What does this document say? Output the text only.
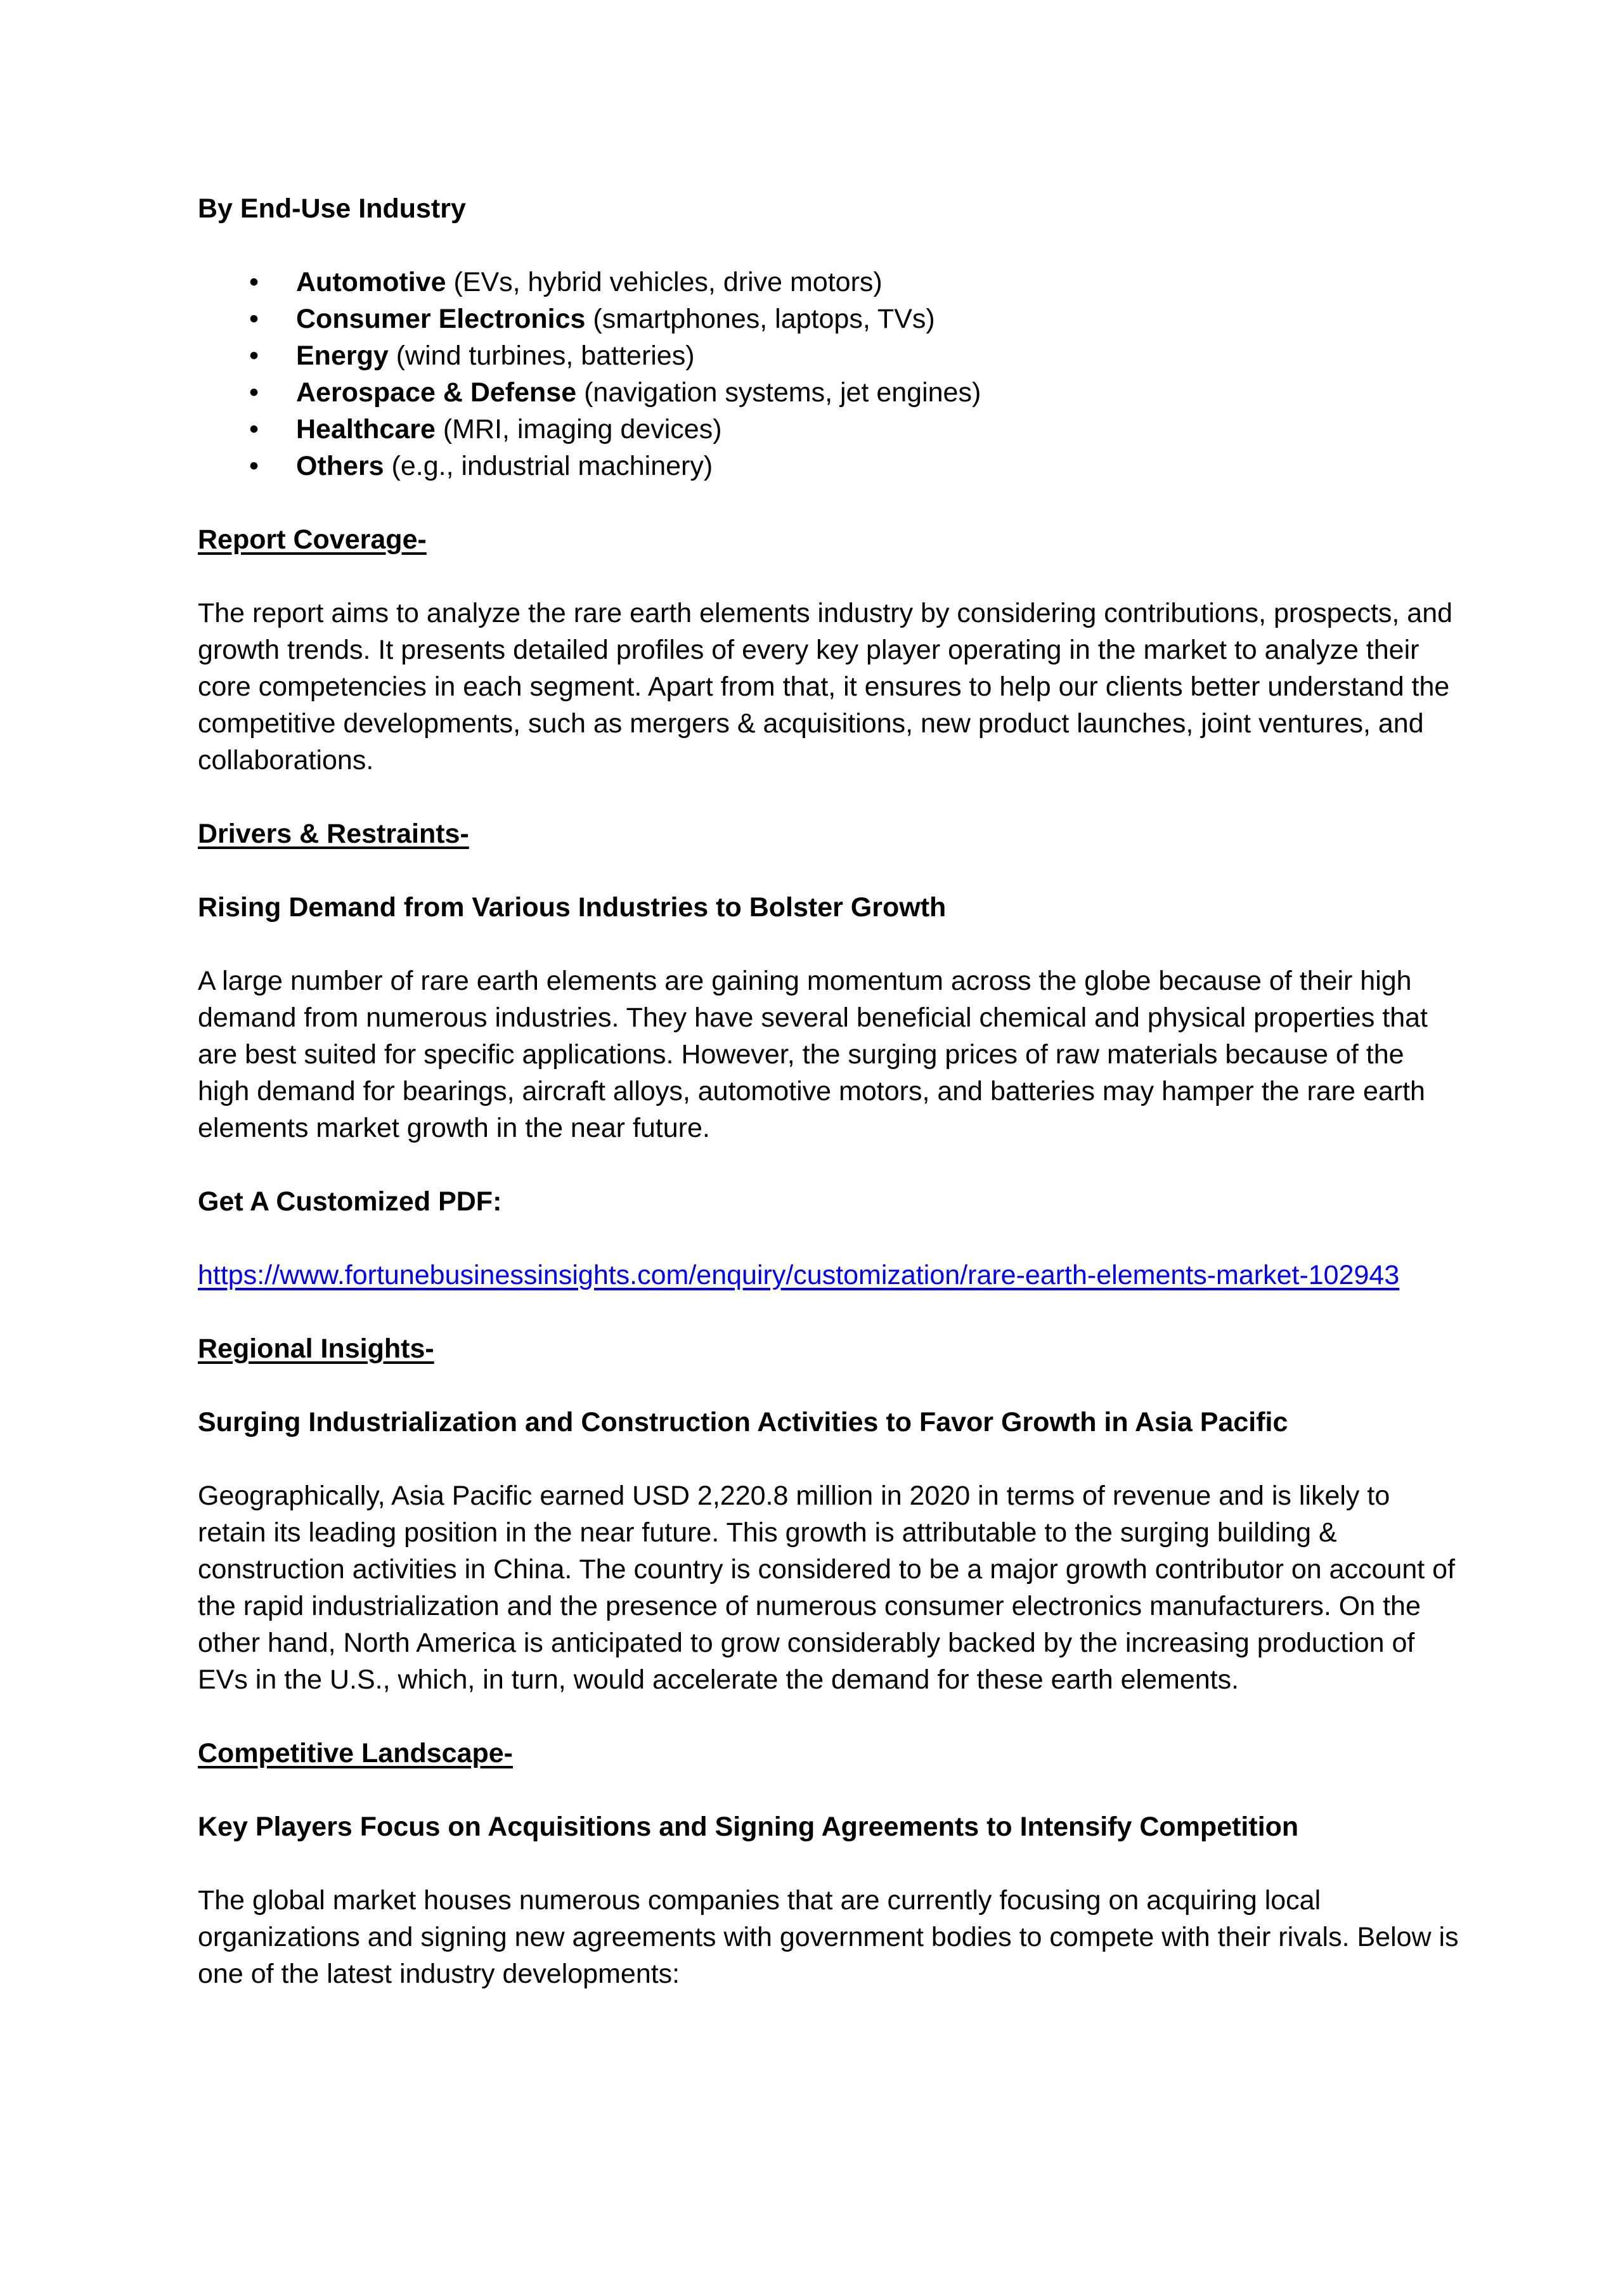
By End-Use Industry
• Automotive (EVs, hybrid vehicles, drive motors)
• Consumer Electronics (smartphones, laptops, TVs)
• Energy (wind turbines, batteries)
• Aerospace & Defense (navigation systems, jet engines)
• Healthcare (MRI, imaging devices)
• Others (e.g., industrial machinery)
Report Coverage-

The report aims to analyze the rare earth elements industry by considering contributions, prospects, and growth trends. It presents detailed profiles of every key player operating in the market to analyze their core competencies in each segment. Apart from that, it ensures to help our clients better understand the competitive developments, such as mergers & acquisitions, new product launches, joint ventures, and collaborations.

Drivers & Restraints-
Rising Demand from Various Industries to Bolster Growth

A large number of rare earth elements are gaining momentum across the globe because of their high demand from numerous industries. They have several beneficial chemical and physical properties that are best suited for specific applications. However, the surging prices of raw materials because of the high demand for bearings, aircraft alloys, automotive motors, and batteries may hamper the rare earth elements market growth in the near future.

Get A Customized PDF:
https://www.fortunebusinessinsights.com/enquiry/customization/rare-earth-elements-market-102943
Regional Insights-
Surging Industrialization and Construction Activities to Favor Growth in Asia Pacific

Geographically, Asia Pacific earned USD 2,220.8 million in 2020 in terms of revenue and is likely to retain its leading position in the near future. This growth is attributable to the surging building & construction activities in China. The country is considered to be a major growth contributor on account of the rapid industrialization and the presence of numerous consumer electronics manufacturers. On the other hand, North America is anticipated to grow considerably backed by the increasing production of EVs in the U.S., which, in turn, would accelerate the demand for these earth elements.

Competitive Landscape-
Key Players Focus on Acquisitions and Signing Agreements to Intensify Competition

The global market houses numerous companies that are currently focusing on acquiring local organizations and signing new agreements with government bodies to compete with their rivals. Below is one of the latest industry developments:
